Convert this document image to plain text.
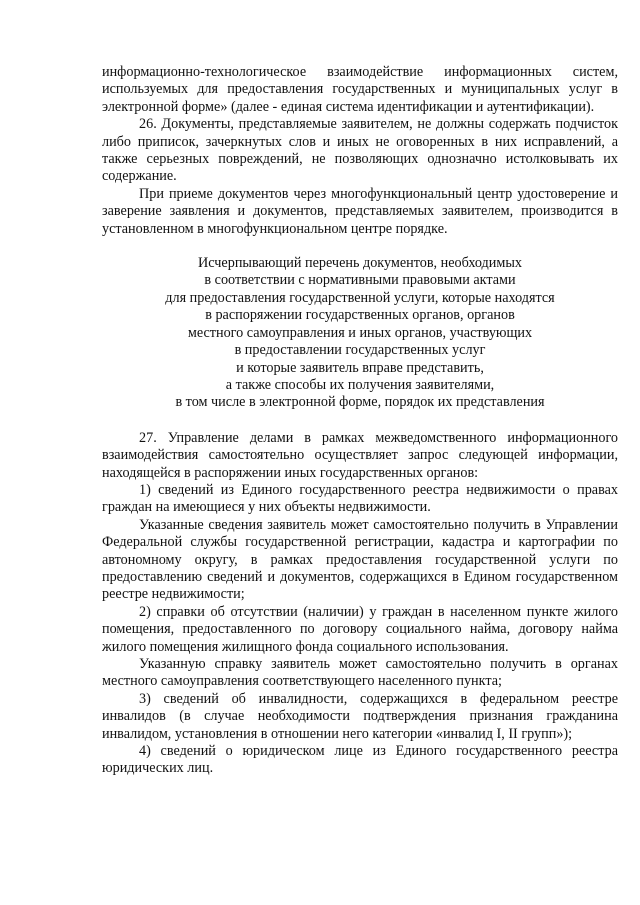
информационно-технологическое взаимодействие информационных систем, используемых для предоставления государственных и муниципальных услуг в электронной форме» (далее - единая система идентификации и аутентификации).

26. Документы, представляемые заявителем, не должны содержать подчисток либо приписок, зачеркнутых слов и иных не оговоренных в них исправлений, а также серьезных повреждений, не позволяющих однозначно истолковывать их содержание.

При приеме документов через многофункциональный центр удостоверение и заверение заявления и документов, представляемых заявителем, производится в установленном в многофункциональном центре порядке.

Исчерпывающий перечень документов, необходимых
в соответствии с нормативными правовыми актами
для предоставления государственной услуги, которые находятся
в распоряжении государственных органов, органов
местного самоуправления и иных органов, участвующих
в предоставлении государственных услуг
и которые заявитель вправе представить,
а также способы их получения заявителями,
в том числе в электронной форме, порядок их представления

27. Управление делами в рамках межведомственного информационного взаимодействия самостоятельно осуществляет запрос следующей информации, находящейся в распоряжении иных государственных органов:

1) сведений из Единого государственного реестра недвижимости о правах граждан на имеющиеся у них объекты недвижимости.

Указанные сведения заявитель может самостоятельно получить в Управлении Федеральной службы государственной регистрации, кадастра и картографии по автономному округу, в рамках предоставления государственной услуги по предоставлению сведений и документов, содержащихся в Едином государственном реестре недвижимости;

2) справки об отсутствии (наличии) у граждан в населенном пункте жилого помещения, предоставленного по договору социального найма, договору найма жилого помещения жилищного фонда социального использования.

Указанную справку заявитель может самостоятельно получить в органах местного самоуправления соответствующего населенного пункта;

3) сведений об инвалидности, содержащихся в федеральном реестре инвалидов (в случае необходимости подтверждения признания гражданина инвалидом, установления в отношении него категории «инвалид I, II групп»);

4) сведений о юридическом лице из Единого государственного реестра юридических лиц.
